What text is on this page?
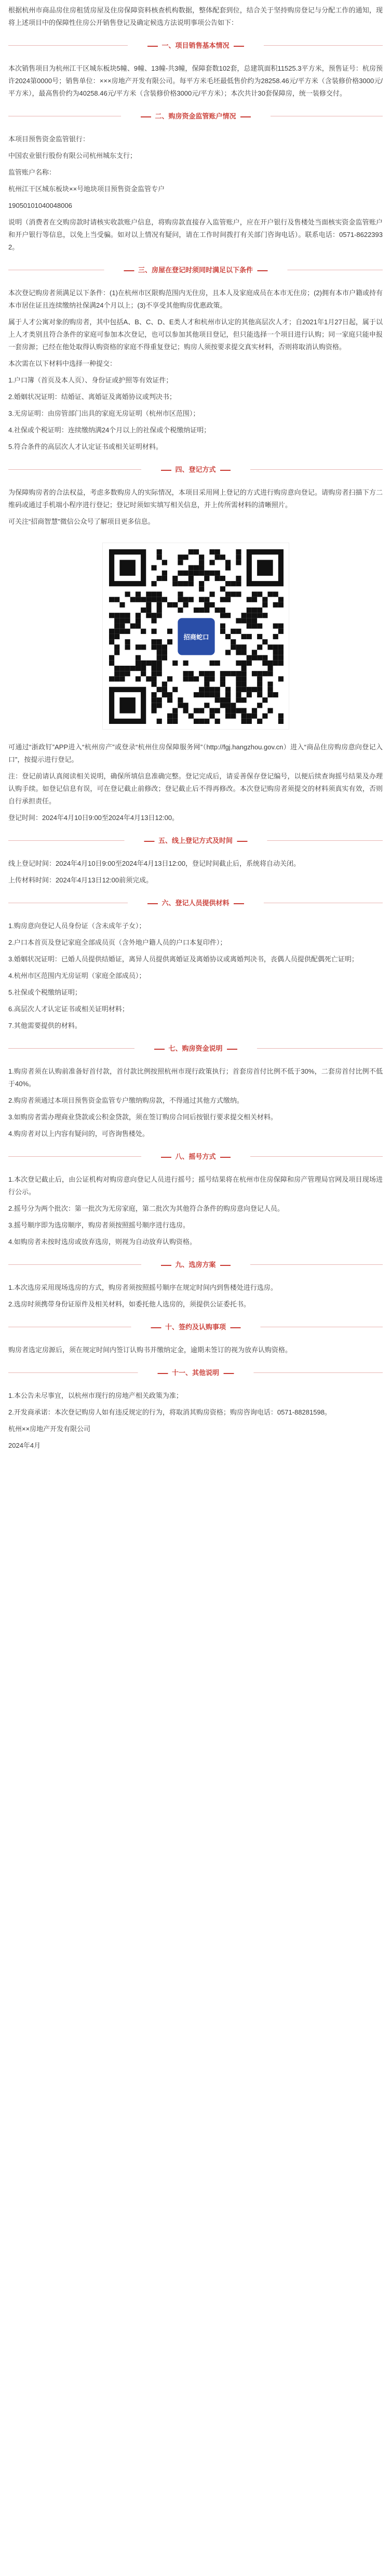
根据杭州市商品房住房租赁房屋及住房保障资料核查机构数据，整体配套到位，结合关于坚持购房登记与分配工作的通知，现将上述项目中的保障性住房公开销售登记及确定候选方法说明事项公告如下：

一、项目销售基本情况

本次销售项目为杭州江干区城东板块5幢、9幢、13幢-共3幢，保障套数102套，总建筑面积11525.3平方米，预售证号：杭房预许2024第0000号；销售单位：×××房地产开发有限公司。每平方米毛坯最低售价约为28258.46元/平方米（含装修价格3000元/平方米），最高售价约为40258.46元/平方米（含装修价格3000元/平方米）；本次共计30套保障房，统一装修交付。

二、购房资金监管账户情况

本项目预售资金监管银行：

中国农业银行股份有限公司杭州城东支行；

监管账户名称：

杭州江干区城东板块××号地块项目预售资金监管专户

19050101040048006

说明（消费者在交购房款时请核实收款账户信息，将购房款直接存入监管账户，应在开户银行及售楼处当面核实资金监管账户和开户银行等信息，以免上当受骗。如对以上情况有疑问，请在工作时间拨打有关部门咨询电话）。联系电话：0571-86223932。

三、房屋在登记时须同时满足以下条件

本次登记购房者须满足以下条件：(1)在杭州市区限购范围内无住房，且本人及家庭成员在本市无住房；(2)拥有本市户籍或持有本市居住证且连续缴纳社保满24个月以上；(3)不享受其他购房优惠政策。

属于人才公寓对象的购房者，其中包括A、B、C、D、E类人才和杭州市认定的其他高层次人才；自2021年1月27日起，属于以上人才类别且符合条件的家庭可参加本次登记，也可以参加其他项目登记，但只能选择一个项目进行认购；同一家庭只能申报一套房源；已经在他处取得认购资格的家庭不得重复登记；购房人须按要求提交真实材料，否则将取消认购资格。

本次需在以下材料中选择一种提交：

1.户口簿（首页及本人页）、身份证或护照等有效证件；

2.婚姻状况证明：结婚证、离婚证及离婚协议或判决书；

3.无房证明：由房管部门出具的家庭无房证明（杭州市区范围）；

4.社保或个税证明：连续缴纳满24个月以上的社保或个税缴纳证明；

5.符合条件的高层次人才认定证书或相关证明材料。

四、登记方式

为保障购房者的合法权益，考虑多数购房人的实际情况，本项目采用网上登记的方式进行购房意向登记。请购房者扫描下方二维码或通过手机端小程序进行登记；登记时须如实填写相关信息，并上传所需材料的清晰照片。

可关注“招商智慧”微信公众号了解项目更多信息。

招商蛇口

可通过“浙政钉”APP进入“杭州房产”或登录“杭州住房保障服务网”（http://fgj.hangzhou.gov.cn）进入“商品住房购房意向登记入口”，按提示进行登记。

注：登记前请认真阅读相关说明，确保所填信息准确完整。登记完成后，请妥善保存登记编号，以便后续查询摇号结果及办理认购手续。如登记信息有误，可在登记截止前修改；登记截止后不得再修改。本次登记购房者须提交的材料须真实有效，否则自行承担责任。

登记时间：2024年4月10日9:00至2024年4月13日12:00。

五、线上登记方式及时间

线上登记时间：2024年4月10日9:00至2024年4月13日12:00，登记时间截止后，系统将自动关闭。

上传材料时间：2024年4月13日12:00前须完成。

六、登记人员提供材料

1.购房意向登记人员身份证（含未成年子女）；

2.户口本首页及登记家庭全部成员页（含外地户籍人员的户口本复印件）；

3.婚姻状况证明：已婚人员提供结婚证，离异人员提供离婚证及离婚协议或离婚判决书，丧偶人员提供配偶死亡证明；

4.杭州市区范围内无房证明（家庭全部成员）；

5.社保或个税缴纳证明；

6.高层次人才认定证书或相关证明材料；

7.其他需要提供的材料。

七、购房资金说明

1.购房者须在认购前准备好首付款，首付款比例按照杭州市现行政策执行；首套房首付比例不低于30%，二套房首付比例不低于40%。

2.购房者须通过本项目预售资金监管专户缴纳购房款，不得通过其他方式缴纳。

3.如购房者需办理商业贷款或公积金贷款，须在签订购房合同后按银行要求提交相关材料。

4.购房者对以上内容有疑问的，可咨询售楼处。

八、摇号方式

1.本次登记截止后，由公证机构对购房意向登记人员进行摇号；摇号结果将在杭州市住房保障和房产管理局官网及项目现场进行公示。

2.摇号分为两个批次：第一批次为无房家庭，第二批次为其他符合条件的购房意向登记人员。

3.摇号顺序即为选房顺序，购房者须按照摇号顺序进行选房。

4.如购房者未按时选房或放弃选房，则视为自动放弃认购资格。

九、选房方案

1.本次选房采用现场选房的方式，购房者须按照摇号顺序在规定时间内到售楼处进行选房。

2.选房时须携带身份证原件及相关材料，如委托他人选房的，须提供公证委托书。

十、签约及认购事项

购房者选定房源后，须在规定时间内签订认购书并缴纳定金，逾期未签订的视为放弃认购资格。

十一、其他说明

1.本公告未尽事宜，以杭州市现行的房地产相关政策为准；

2.开发商承诺：本次登记购房人如有违反规定的行为，将取消其购房资格；购房咨询电话：0571-88281598。

杭州××房地产开发有限公司

2024年4月
